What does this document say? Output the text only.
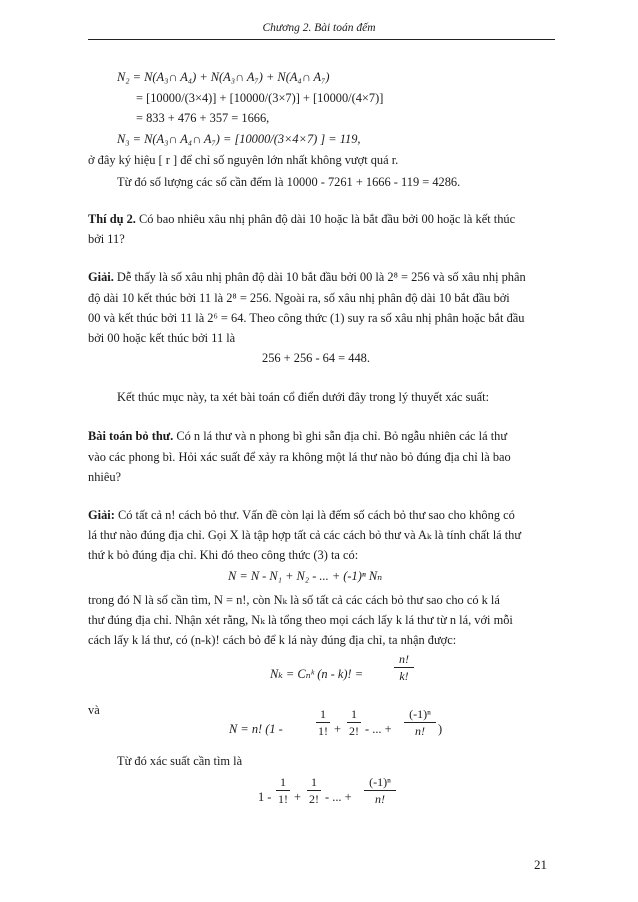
Chương 2. Bài toán đếm
N₂ = N(A₃∩ A₄) + N(A₃∩ A₇) + N(A₄∩ A₇)
= [10000/(3×4)] + [10000/(3×7)] + [10000/(4×7)]
= 833 + 476 + 357 = 1666,
N₃ = N(A₃∩ A₄∩ A₇) = [10000/(3×4×7) ] = 119,
ở đây ký hiệu [ r ] để chỉ số nguyên lớn nhất không vượt quá r.
Từ đó số lượng các số cần đếm là 10000 - 7261 + 1666 - 119 = 4286.
Thí dụ 2. Có bao nhiêu xâu nhị phân độ dài 10 hoặc là bắt đầu bởi 00 hoặc là kết thúc
bởi 11?
Giải. Dễ thấy là số xâu nhị phân độ dài 10 bắt đầu bởi 00 là 2⁸ = 256 và số xâu nhị phân
độ dài 10 kết thúc bởi 11 là 2⁸ = 256. Ngoài ra, số xâu nhị phân độ dài 10 bắt đầu bởi
00 và kết thúc bởi 11 là 2⁶ = 64. Theo công thức (1) suy ra số xâu nhị phân hoặc bắt đầu
bởi 00 hoặc kết thúc bởi 11 là
256 + 256 - 64 = 448.
Kết thúc mục này, ta xét bài toán cổ điển dưới đây trong lý thuyết xác suất:
Bài toán bỏ thư. Có n lá thư và n phong bì ghi sẵn địa chỉ. Bỏ ngẫu nhiên các lá thư
vào các phong bì. Hỏi xác suất để xảy ra không một lá thư nào bỏ đúng địa chỉ là bao
nhiêu?
Giải: Có tất cả n! cách bỏ thư. Vấn đề còn lại là đếm số cách bỏ thư sao cho không có
lá thư nào đúng địa chỉ. Gọi X là tập hợp tất cả các cách bỏ thư và Aₖ là tính chất lá thư
thứ k bỏ đúng địa chỉ. Khi đó theo công thức (3) ta có:
N = N - N₁ + N₂ - ... + (-1)ⁿ Nₙ
trong đó N là số cần tìm, N = n!, còn Nₖ là số tất cả các cách bỏ thư sao cho có k lá
thư đúng địa chỉ. Nhận xét rằng, Nₖ là tổng theo mọi cách lấy k lá thư từ n lá, với mỗi
cách lấy k lá thư, có (n-k)! cách bỏ để k lá này đúng địa chỉ, ta nhận được:
Nₖ = Cₙᵏ (n - k)! =
n!
k!
và
N = n! (1 -
1
1! +
1
2! - ... +
(-1)ⁿ
n!	)
Từ đó xác suất cần tìm là
1 -
1
1! +
1
2! - ... +
(-1)ⁿ
n!
21
